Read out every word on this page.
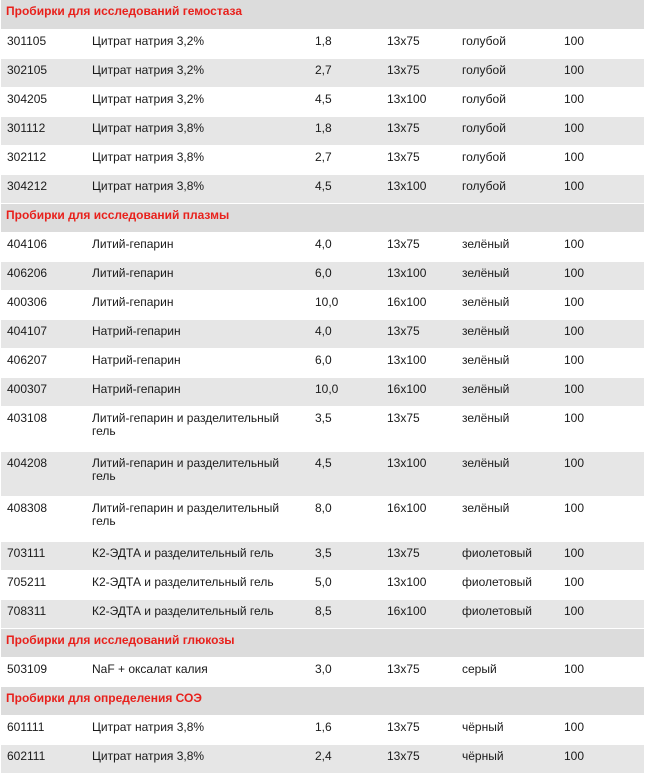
Пробирки для исследований гемостаза					
301105	Цитрат натрия 3,2%	1,8	13x75	голубой	100
302105	Цитрат натрия 3,2%	2,7	13x75	голубой	100
304205	Цитрат натрия 3,2%	4,5	13x100	голубой	100
301112	Цитрат натрия 3,8%	1,8	13x75	голубой	100
302112	Цитрат натрия 3,8%	2,7	13x75	голубой	100
304212	Цитрат натрия 3,8%	4,5	13x100	голубой	100
Пробирки для исследований плазмы					
404106	Литий-гепарин	4,0	13x75	зелёный	100
406206	Литий-гепарин	6,0	13x100	зелёный	100
400306	Литий-гепарин	10,0	16x100	зелёный	100
404107	Натрий-гепарин	4,0	13x75	зелёный	100
406207	Натрий-гепарин	6,0	13x100	зелёный	100
400307	Натрий-гепарин	10,0	16x100	зелёный	100
403108	Литий-гепарин и разделительный гель	3,5	13x75	зелёный	100
404208	Литий-гепарин и разделительный гель	4,5	13x100	зелёный	100
408308	Литий-гепарин и разделительный гель	8,0	16x100	зелёный	100
703111	К2-ЭДТА и разделительный гель	3,5	13x75	фиолетовый	100
705211	К2-ЭДТА и разделительный гель	5,0	13x100	фиолетовый	100
708311	К2-ЭДТА и разделительный гель	8,5	16x100	фиолетовый	100
Пробирки для исследований глюкозы					
503109	NaF + оксалат калия	3,0	13x75	серый	100
Пробирки для определения СОЭ					
601111	Цитрат натрия 3,8%	1,6	13x75	чёрный	100
602111	Цитрат натрия 3,8%	2,4	13x75	чёрный	100
